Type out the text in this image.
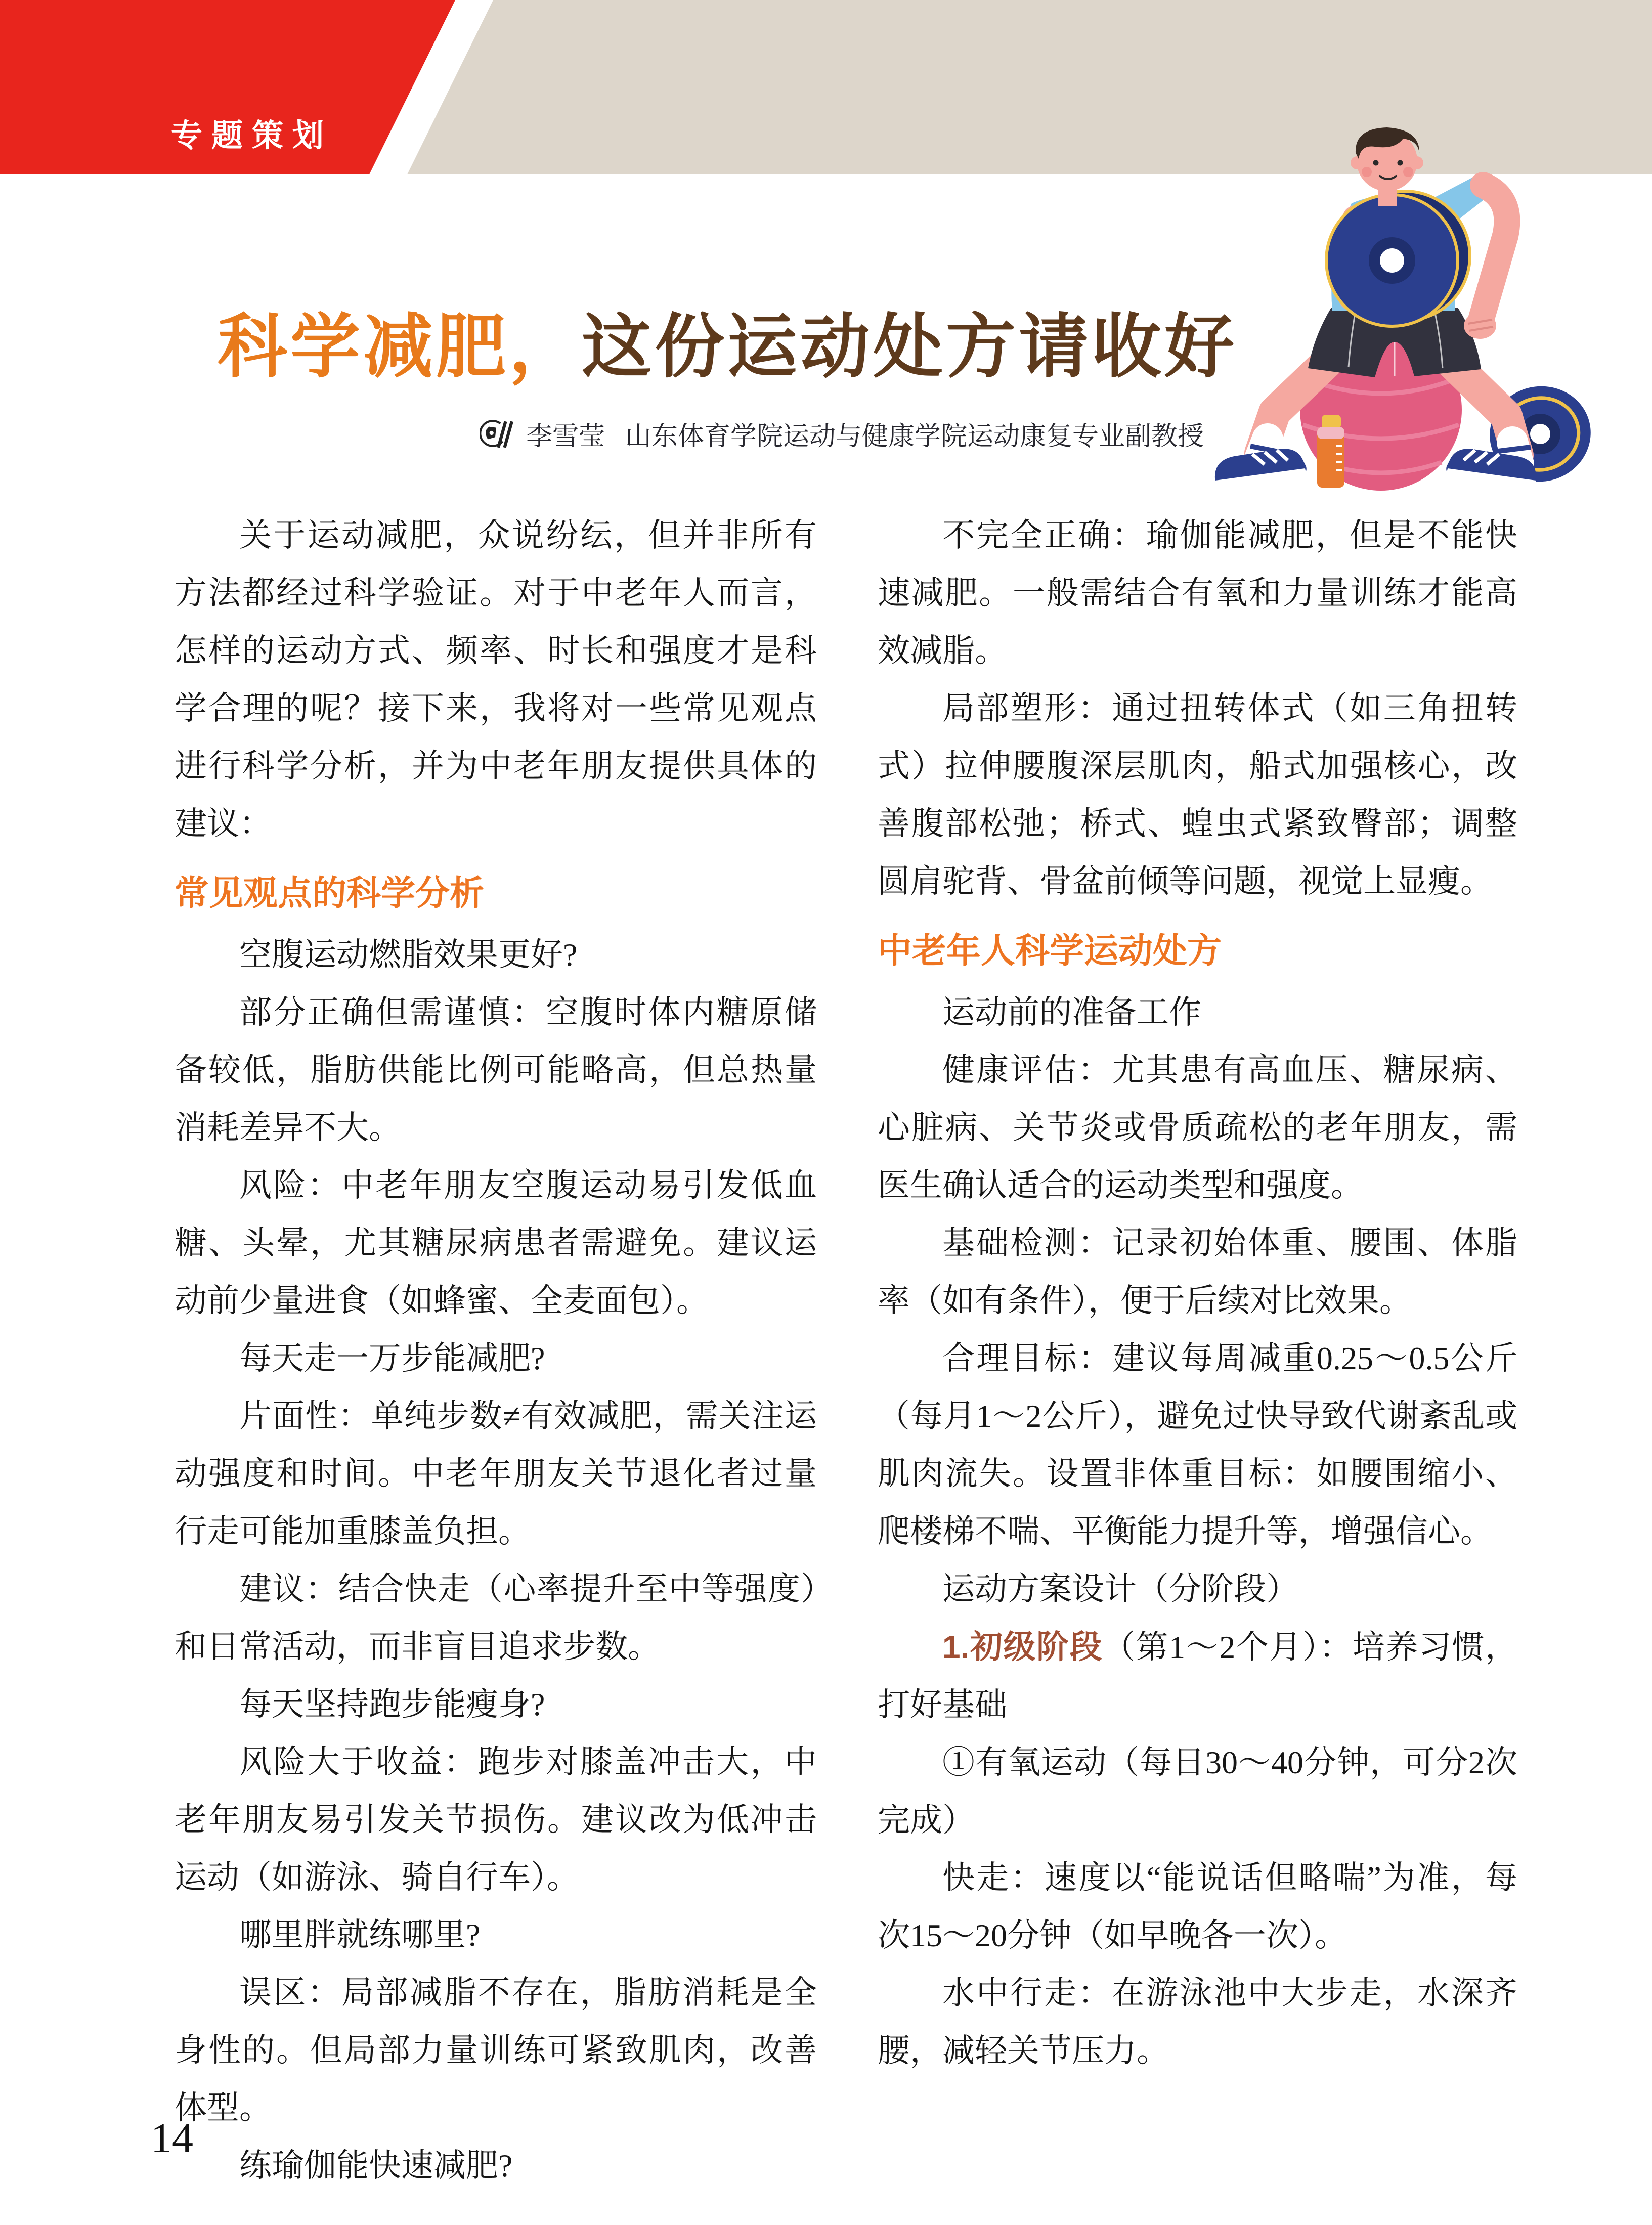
专题策划
科学减肥，这份运动处方请收好
李雪莹 山东体育学院运动与健康学院运动康复专业副教授

关于运动减肥，众说纷纭，但并非所有方法都经过科学验证。对于中老年人而言，怎样的运动方式、频率、时长和强度才是科学合理的呢？接下来，我将对一些常见观点进行科学分析，并为中老年朋友提供具体的建议：

常见观点的科学分析

空腹运动燃脂效果更好?

部分正确但需谨慎：空腹时体内糖原储备较低，脂肪供能比例可能略高，但总热量消耗差异不大。

风险：中老年朋友空腹运动易引发低血糖、头晕，尤其糖尿病患者需避免。建议运动前少量进食（如蜂蜜、全麦面包）。

每天走一万步能减肥?

片面性：单纯步数≠有效减肥，需关注运动强度和时间。中老年朋友关节退化者过量行走可能加重膝盖负担。

建议：结合快走（心率提升至中等强度）和日常活动，而非盲目追求步数。

每天坚持跑步能瘦身?

风险大于收益：跑步对膝盖冲击大，中老年朋友易引发关节损伤。建议改为低冲击运动（如游泳、骑自行车）。

哪里胖就练哪里?

误区：局部减脂不存在，脂肪消耗是全身性的。但局部力量训练可紧致肌肉，改善体型。

练瑜伽能快速减肥?

不完全正确：瑜伽能减肥，但是不能快速减肥。一般需结合有氧和力量训练才能高效减脂。

局部塑形：通过扭转体式（如三角扭转式）拉伸腰腹深层肌肉，船式加强核心，改善腹部松弛；桥式、蝗虫式紧致臀部；调整圆肩驼背、骨盆前倾等问题，视觉上显瘦。

中老年人科学运动处方

运动前的准备工作

健康评估：尤其患有高血压、糖尿病、心脏病、关节炎或骨质疏松的老年朋友，需医生确认适合的运动类型和强度。

基础检测：记录初始体重、腰围、体脂率（如有条件），便于后续对比效果。

合理目标：建议每周减重0.25～0.5公斤（每月1～2公斤），避免过快导致代谢紊乱或肌肉流失。设置非体重目标：如腰围缩小、爬楼梯不喘、平衡能力提升等，增强信心。

运动方案设计（分阶段）

1.初级阶段（第1～2个月）：培养习惯，打好基础

①有氧运动（每日30～40分钟，可分2次完成）

快走：速度以“能说话但略喘”为准，每次15～20分钟（如早晚各一次）。

水中行走：在游泳池中大步走，水深齐腰，减轻关节压力。

14
